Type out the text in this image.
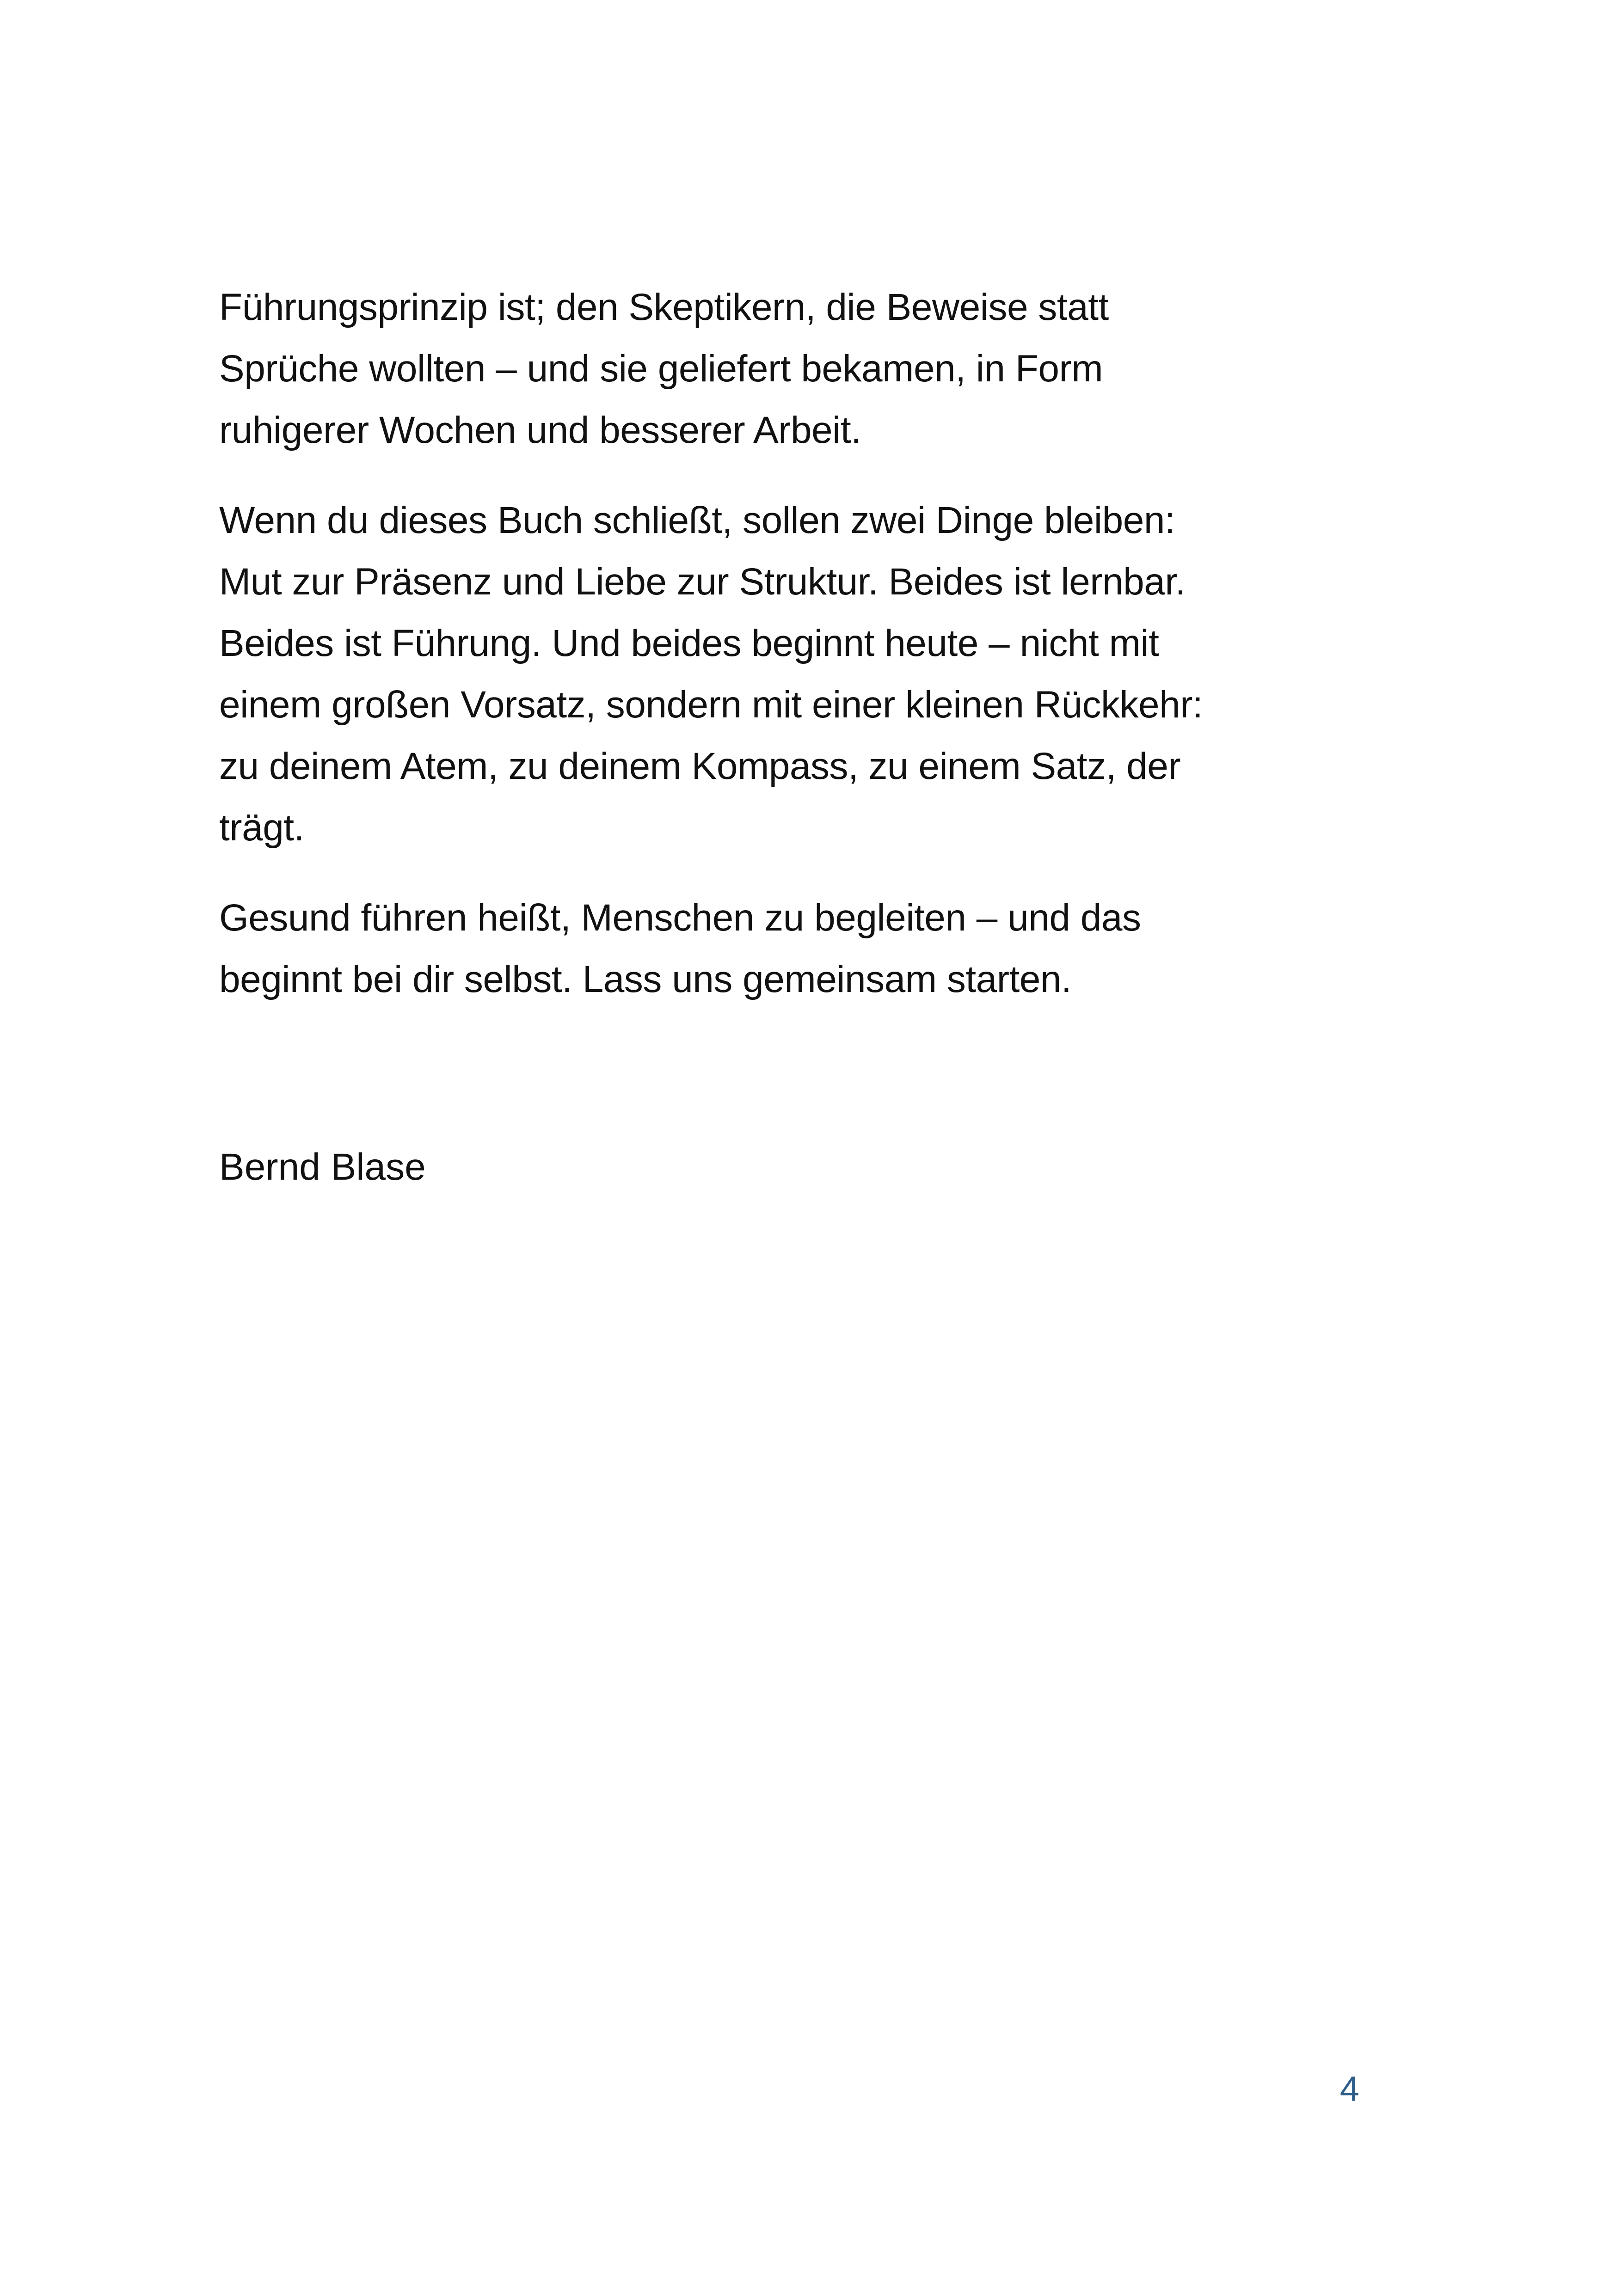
Führungsprinzip ist; den Skeptikern, die Beweise statt
Sprüche wollten – und sie geliefert bekamen, in Form
ruhigerer Wochen und besserer Arbeit.
Wenn du dieses Buch schließt, sollen zwei Dinge bleiben:
Mut zur Präsenz und Liebe zur Struktur. Beides ist lernbar.
Beides ist Führung. Und beides beginnt heute – nicht mit
einem großen Vorsatz, sondern mit einer kleinen Rückkehr:
zu deinem Atem, zu deinem Kompass, zu einem Satz, der
trägt.
Gesund führen heißt, Menschen zu begleiten – und das
beginnt bei dir selbst. Lass uns gemeinsam starten.
Bernd Blase
4
